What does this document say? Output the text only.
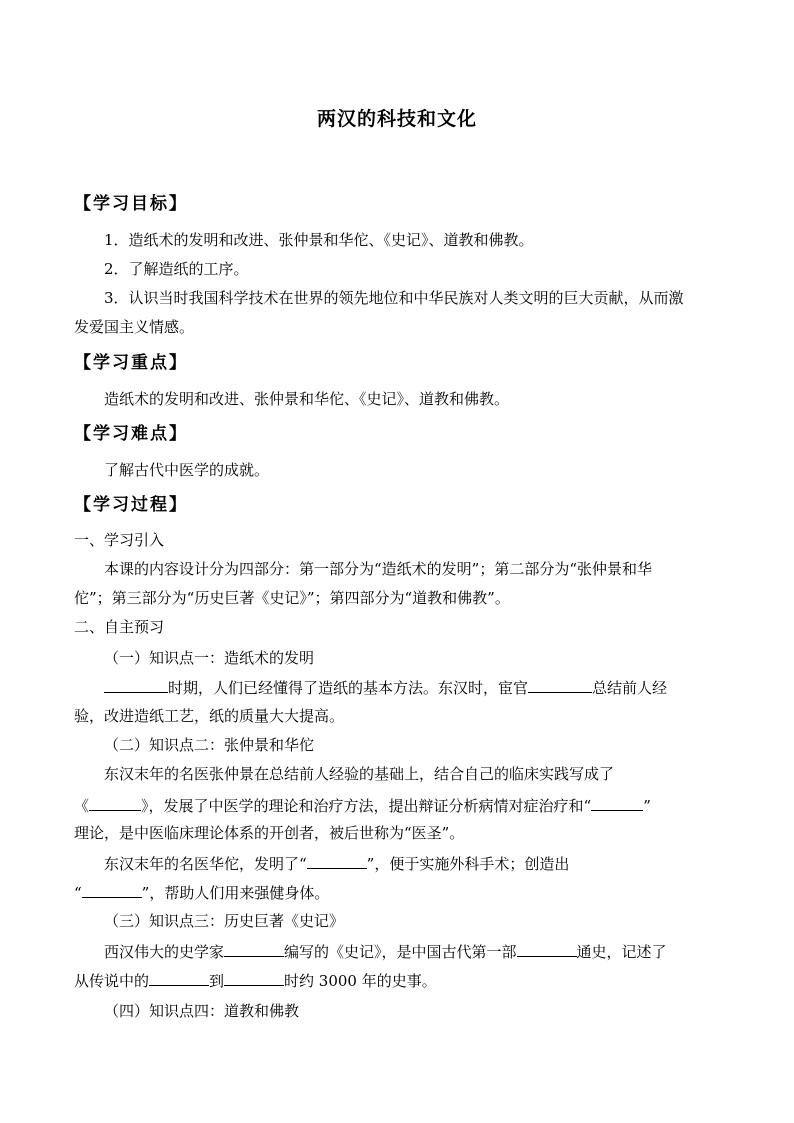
两汉的科技和文化
【学习目标】
1．造纸术的发明和改进、张仲景和华佗、《史记》、道教和佛教。
2．了解造纸的工序。
3．认识当时我国科学技术在世界的领先地位和中华民族对人类文明的巨大贡献，从而激
发爱国主义情感。
【学习重点】
造纸术的发明和改进、张仲景和华佗、《史记》、道教和佛教。
【学习难点】
了解古代中医学的成就。
【学习过程】
一、学习引入
本课的内容设计分为四部分：第一部分为“造纸术的发明”；第二部分为“张仲景和华
佗”；第三部分为“历史巨著《史记》”；第四部分为“道教和佛教”。
二、自主预习
（一）知识点一：造纸术的发明
时期，人们已经懂得了造纸的基本方法。东汉时，宦官	总结前人经
验，改进造纸工艺，纸的质量大大提高。
（二）知识点二：张仲景和华佗
东汉末年的名医张仲景在总结前人经验的基础上，结合自己的临床实践写成了
《	》，发展了中医学的理论和治疗方法，提出辩证分析病情对症治疗和“	”
理论，是中医临床理论体系的开创者，被后世称为“医圣”。
东汉末年的名医华佗，发明了“	”，便于实施外科手术；创造出
“	”，帮助人们用来强健身体。
（三）知识点三：历史巨著《史记》
西汉伟大的史学家	编写的《史记》，是中国古代第一部	通史，记述了
从传说中的	到	时约 3000 年的史事。
（四）知识点四：道教和佛教
